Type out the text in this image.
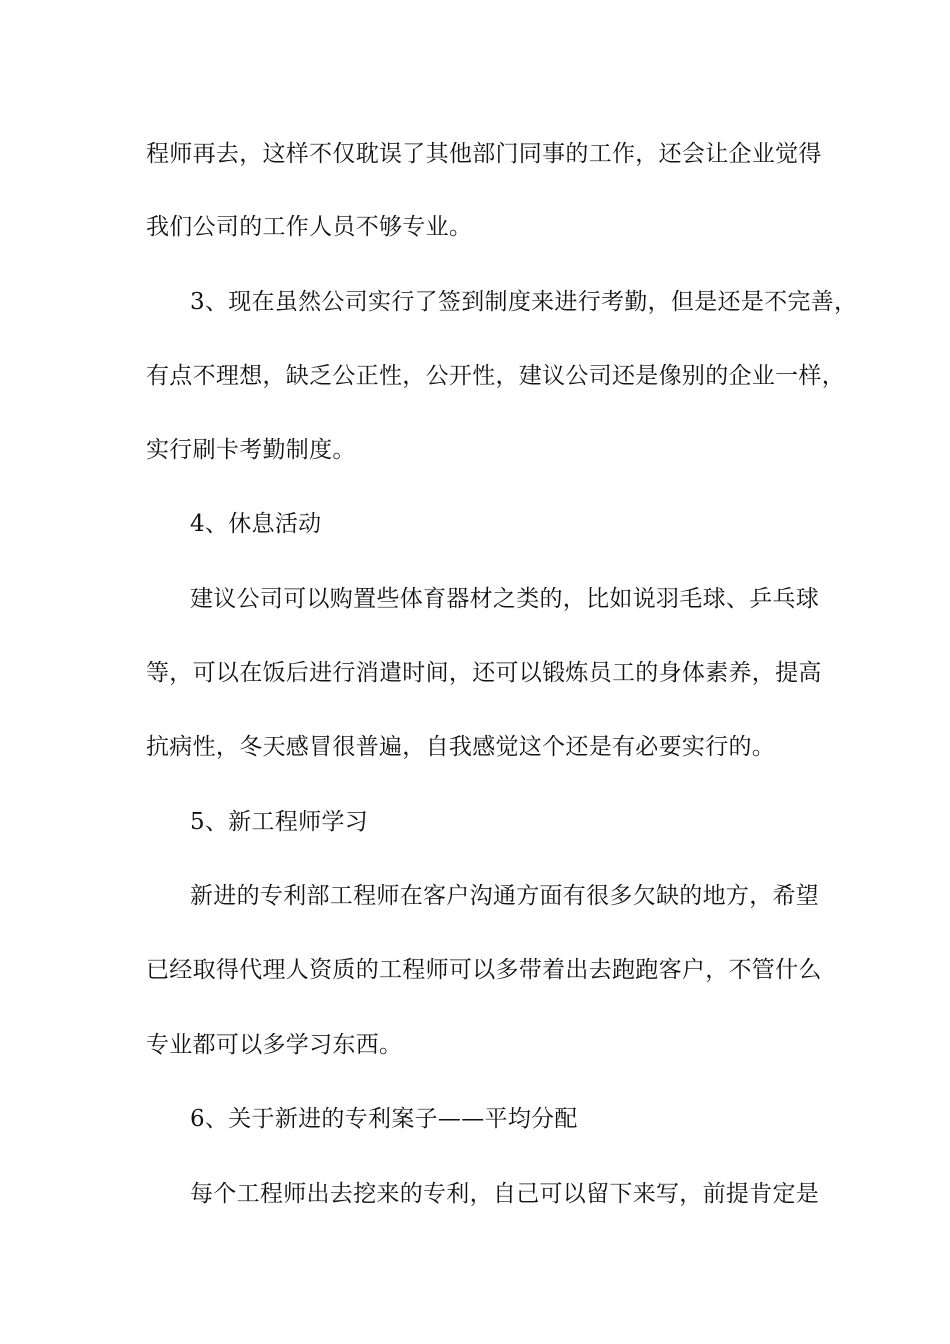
程师再去，这样不仅耽误了其他部门同事的工作，还会让企业觉得
我们公司的工作人员不够专业。
3、现在虽然公司实行了签到制度来进行考勤，但是还是不完善，
有点不理想，缺乏公正性，公开性，建议公司还是像别的企业一样，
实行刷卡考勤制度。
4、休息活动
建议公司可以购置些体育器材之类的，比如说羽毛球、乒乓球
等，可以在饭后进行消遣时间，还可以锻炼员工的身体素养，提高
抗病性，冬天感冒很普遍，自我感觉这个还是有必要实行的。
5、新工程师学习
新进的专利部工程师在客户沟通方面有很多欠缺的地方，希望
已经取得代理人资质的工程师可以多带着出去跑跑客户，不管什么
专业都可以多学习东西。
6、关于新进的专利案子——平均分配
每个工程师出去挖来的专利，自己可以留下来写，前提肯定是
